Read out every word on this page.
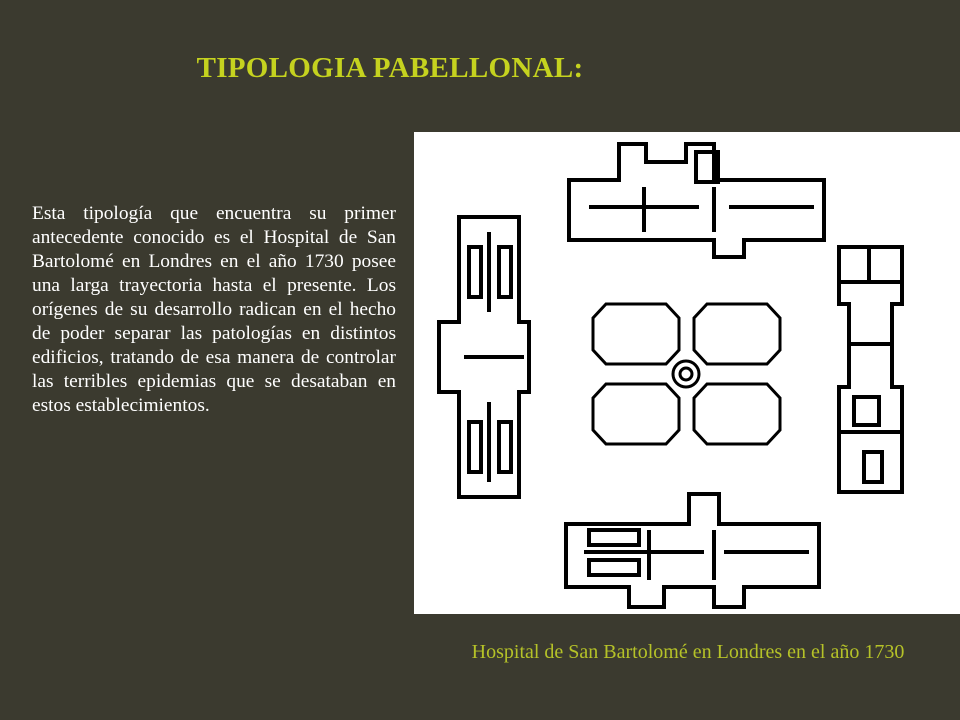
TIPOLOGIA PABELLONAL:
Esta tipología que encuentra su primer antecedente conocido es el Hospital de San Bartolomé en Londres en el año 1730 posee una larga trayectoria hasta el presente. Los orígenes de su desarrollo radican en el hecho de poder separar las patologías en distintos edificios, tratando de esa manera de controlar las terribles epidemias que se desataban en estos establecimientos.
Hospital de San Bartolomé en Londres en el año 1730
